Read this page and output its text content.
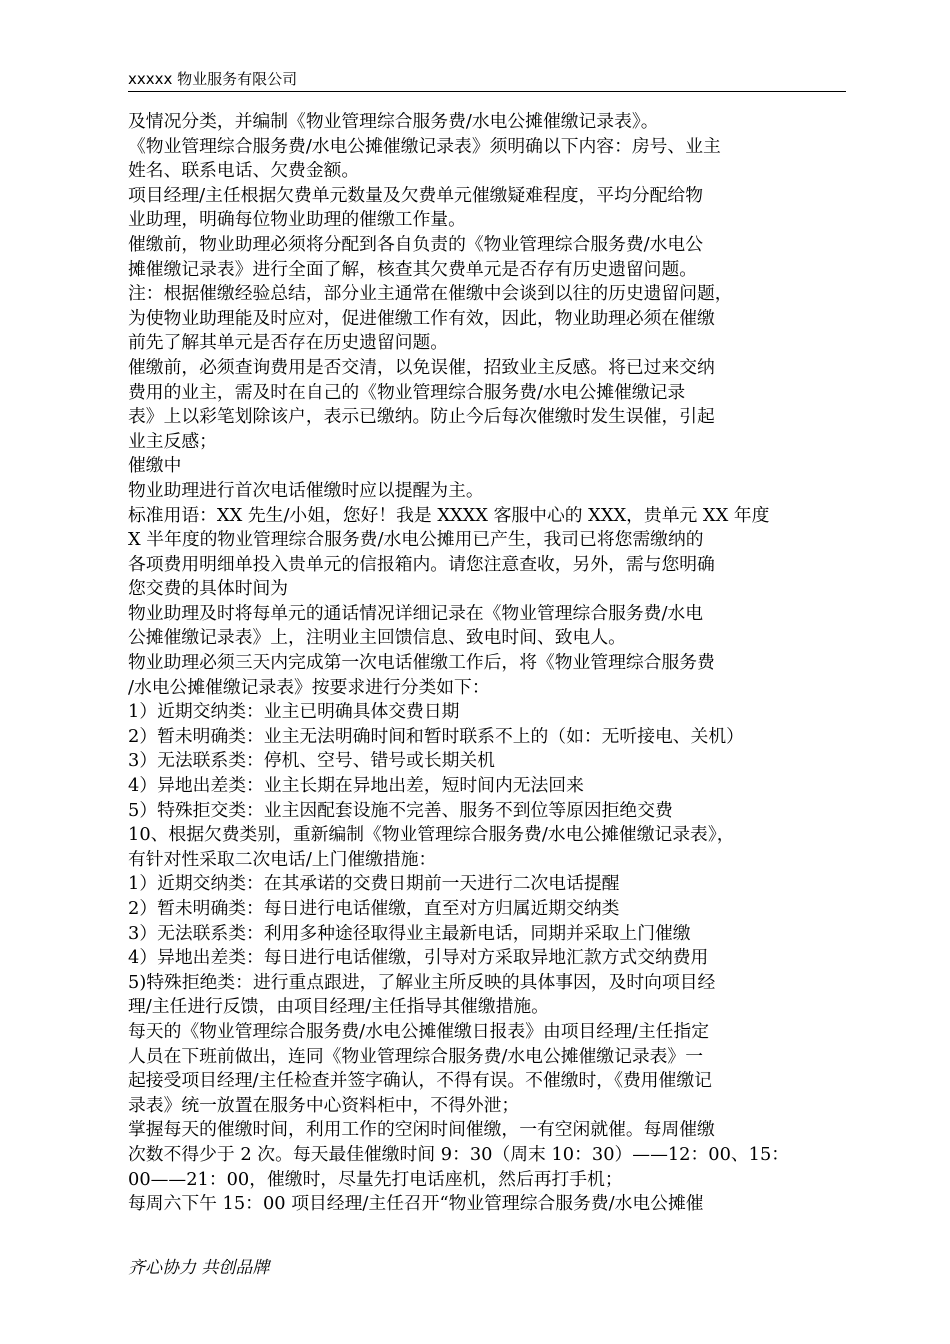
xxxxx 物业服务有限公司

及情况分类，并编制《物业管理综合服务费/水电公摊催缴记录表》。

《物业管理综合服务费/水电公摊催缴记录表》须明确以下内容：房号、业主

姓名、联系电话、欠费金额。

项目经理/主任根据欠费单元数量及欠费单元催缴疑难程度，平均分配给物

业助理，明确每位物业助理的催缴工作量。

催缴前，物业助理必须将分配到各自负责的《物业管理综合服务费/水电公

摊催缴记录表》进行全面了解，核查其欠费单元是否存有历史遗留问题。

注：根据催缴经验总结，部分业主通常在催缴中会谈到以往的历史遗留问题，

为使物业助理能及时应对，促进催缴工作有效，因此，物业助理必须在催缴

前先了解其单元是否存在历史遗留问题。

催缴前，必须查询费用是否交清，以免误催，招致业主反感。将已过来交纳

费用的业主，需及时在自己的《物业管理综合服务费/水电公摊催缴记录

表》上以彩笔划除该户，表示已缴纳。防止今后每次催缴时发生误催，引起

业主反感；

催缴中

物业助理进行首次电话催缴时应以提醒为主。

标准用语：XX 先生/小姐，您好！我是 XXXX 客服中心的 XXX，贵单元 XX 年度

X 半年度的物业管理综合服务费/水电公摊用已产生，我司已将您需缴纳的

各项费用明细单投入贵单元的信报箱内。请您注意查收，另外，需与您明确

您交费的具体时间为

物业助理及时将每单元的通话情况详细记录在《物业管理综合服务费/水电

公摊催缴记录表》上，注明业主回馈信息、致电时间、致电人。

物业助理必须三天内完成第一次电话催缴工作后，将《物业管理综合服务费

/水电公摊催缴记录表》按要求进行分类如下：

1）近期交纳类：业主已明确具体交费日期

2）暂未明确类：业主无法明确时间和暂时联系不上的（如：无听接电、关机）

3）无法联系类：停机、空号、错号或长期关机

4）异地出差类：业主长期在异地出差，短时间内无法回来

5）特殊拒交类：业主因配套设施不完善、服务不到位等原因拒绝交费

10、根据欠费类别，重新编制《物业管理综合服务费/水电公摊催缴记录表》，

有针对性采取二次电话/上门催缴措施：

1）近期交纳类：在其承诺的交费日期前一天进行二次电话提醒

2）暂未明确类：每日进行电话催缴，直至对方归属近期交纳类

3）无法联系类：利用多种途径取得业主最新电话，同期并采取上门催缴

4）异地出差类：每日进行电话催缴，引导对方采取异地汇款方式交纳费用

5)特殊拒绝类：进行重点跟进，了解业主所反映的具体事因，及时向项目经

理/主任进行反馈，由项目经理/主任指导其催缴措施。

每天的《物业管理综合服务费/水电公摊催缴日报表》由项目经理/主任指定

人员在下班前做出，连同《物业管理综合服务费/水电公摊催缴记录表》一

起接受项目经理/主任检查并签字确认，不得有误。不催缴时，《费用催缴记

录表》统一放置在服务中心资料柜中，不得外泄；

掌握每天的催缴时间，利用工作的空闲时间催缴，一有空闲就催。每周催缴

次数不得少于 2 次。每天最佳催缴时间 9：30（周末 10：30）——12：00、15：

00——21：00，催缴时，尽量先打电话座机，然后再打手机；

每周六下午 15：00 项目经理/主任召开“物业管理综合服务费/水电公摊催

齐心协力 共创品牌
